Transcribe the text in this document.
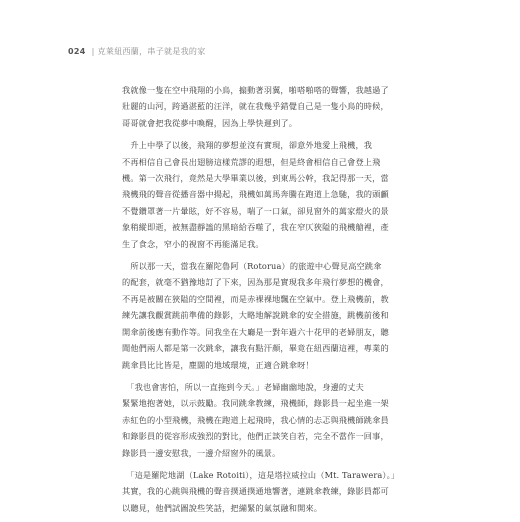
024 | 克萊紐西蘭，串子就是我的家
我就像一隻在空中飛翔的小鳥，搧動著羽翼，啪嗒啪嗒的聲響，我越過了
壯麗的山河，跨過湛藍的汪洋，就在我幾乎錯覺自己是一隻小鳥的時候，
哥哥就會把我從夢中喚醒，因為上學快遲到了。
　升上中學了以後，飛翔的夢想並沒有實現，卻意外地愛上飛機，我
不再相信自己會長出翅膀這樣荒謬的遐想，但是終會相信自己會登上飛
機。第一次飛行，竟然是大學畢業以後，到東馬公幹，我記得那一天，當
飛機飛的聲音從播音器中揚起，飛機如萬馬奔騰在跑道上急馳，我的頭顱
不覺鑽罩著一片暈眩，好不容易，喘了一口氣，卻見窗外的萬家燈火的景
象稍縱即逝，被無盡靜謐的黑暗給吞噬了，我在窄仄狹隘的飛機艙裡，產
生了食念，窄小的視窗不再能滿足我。
　所以那一天，當我在羅陀魯阿（Rotorua）的旅遊中心聲見高空跳傘
的配套，就毫不猶豫地訂了下來，因為那是實現我多年飛行夢想的機會，
不再是被關在狹隘的空間裡，而是赤裸裸地飄在空氣中。登上飛機前，教
練先讓我觀賞跳前準備的錄影，大略地解說跳傘的安全措施，跳機前後和
開傘前後應有動作等。同我坐在大廳是一對年過六十花甲的老婦朋友，聽
聞他們兩人都是第一次跳傘，讓我有點汗顏，畢竟在紐西蘭這裡，專業的
跳傘員比比皆是，塵闊的地域環境，正適合跳傘呀！
　「我也會害怕，所以一直拖到今天。」老婦幽幽地說，身邊的丈夫
緊緊地抱著她，以示鼓勵。我同跳傘教練，飛機師，錄影員一起坐進一架
赤紅色的小型飛機，飛機在跑道上起飛時，我心情的忐忑與飛機師跳傘員
和錄影員的從容形成強烈的對比，他們正談笑自若，完全不當作一回事，
錄影員一邊安慰我，一邊介紹窗外的風景。
　「這是羅陀地湖（Lake Rotoiti），這是塔拉威拉山（Mt. Tarawera）。」
其實，我的心跳與飛機的聲音撲通撲通地響著，連跳傘教練，錄影員都可
以聽見，他們試圖說些笑話，把繃緊的氣氛融和開來。
